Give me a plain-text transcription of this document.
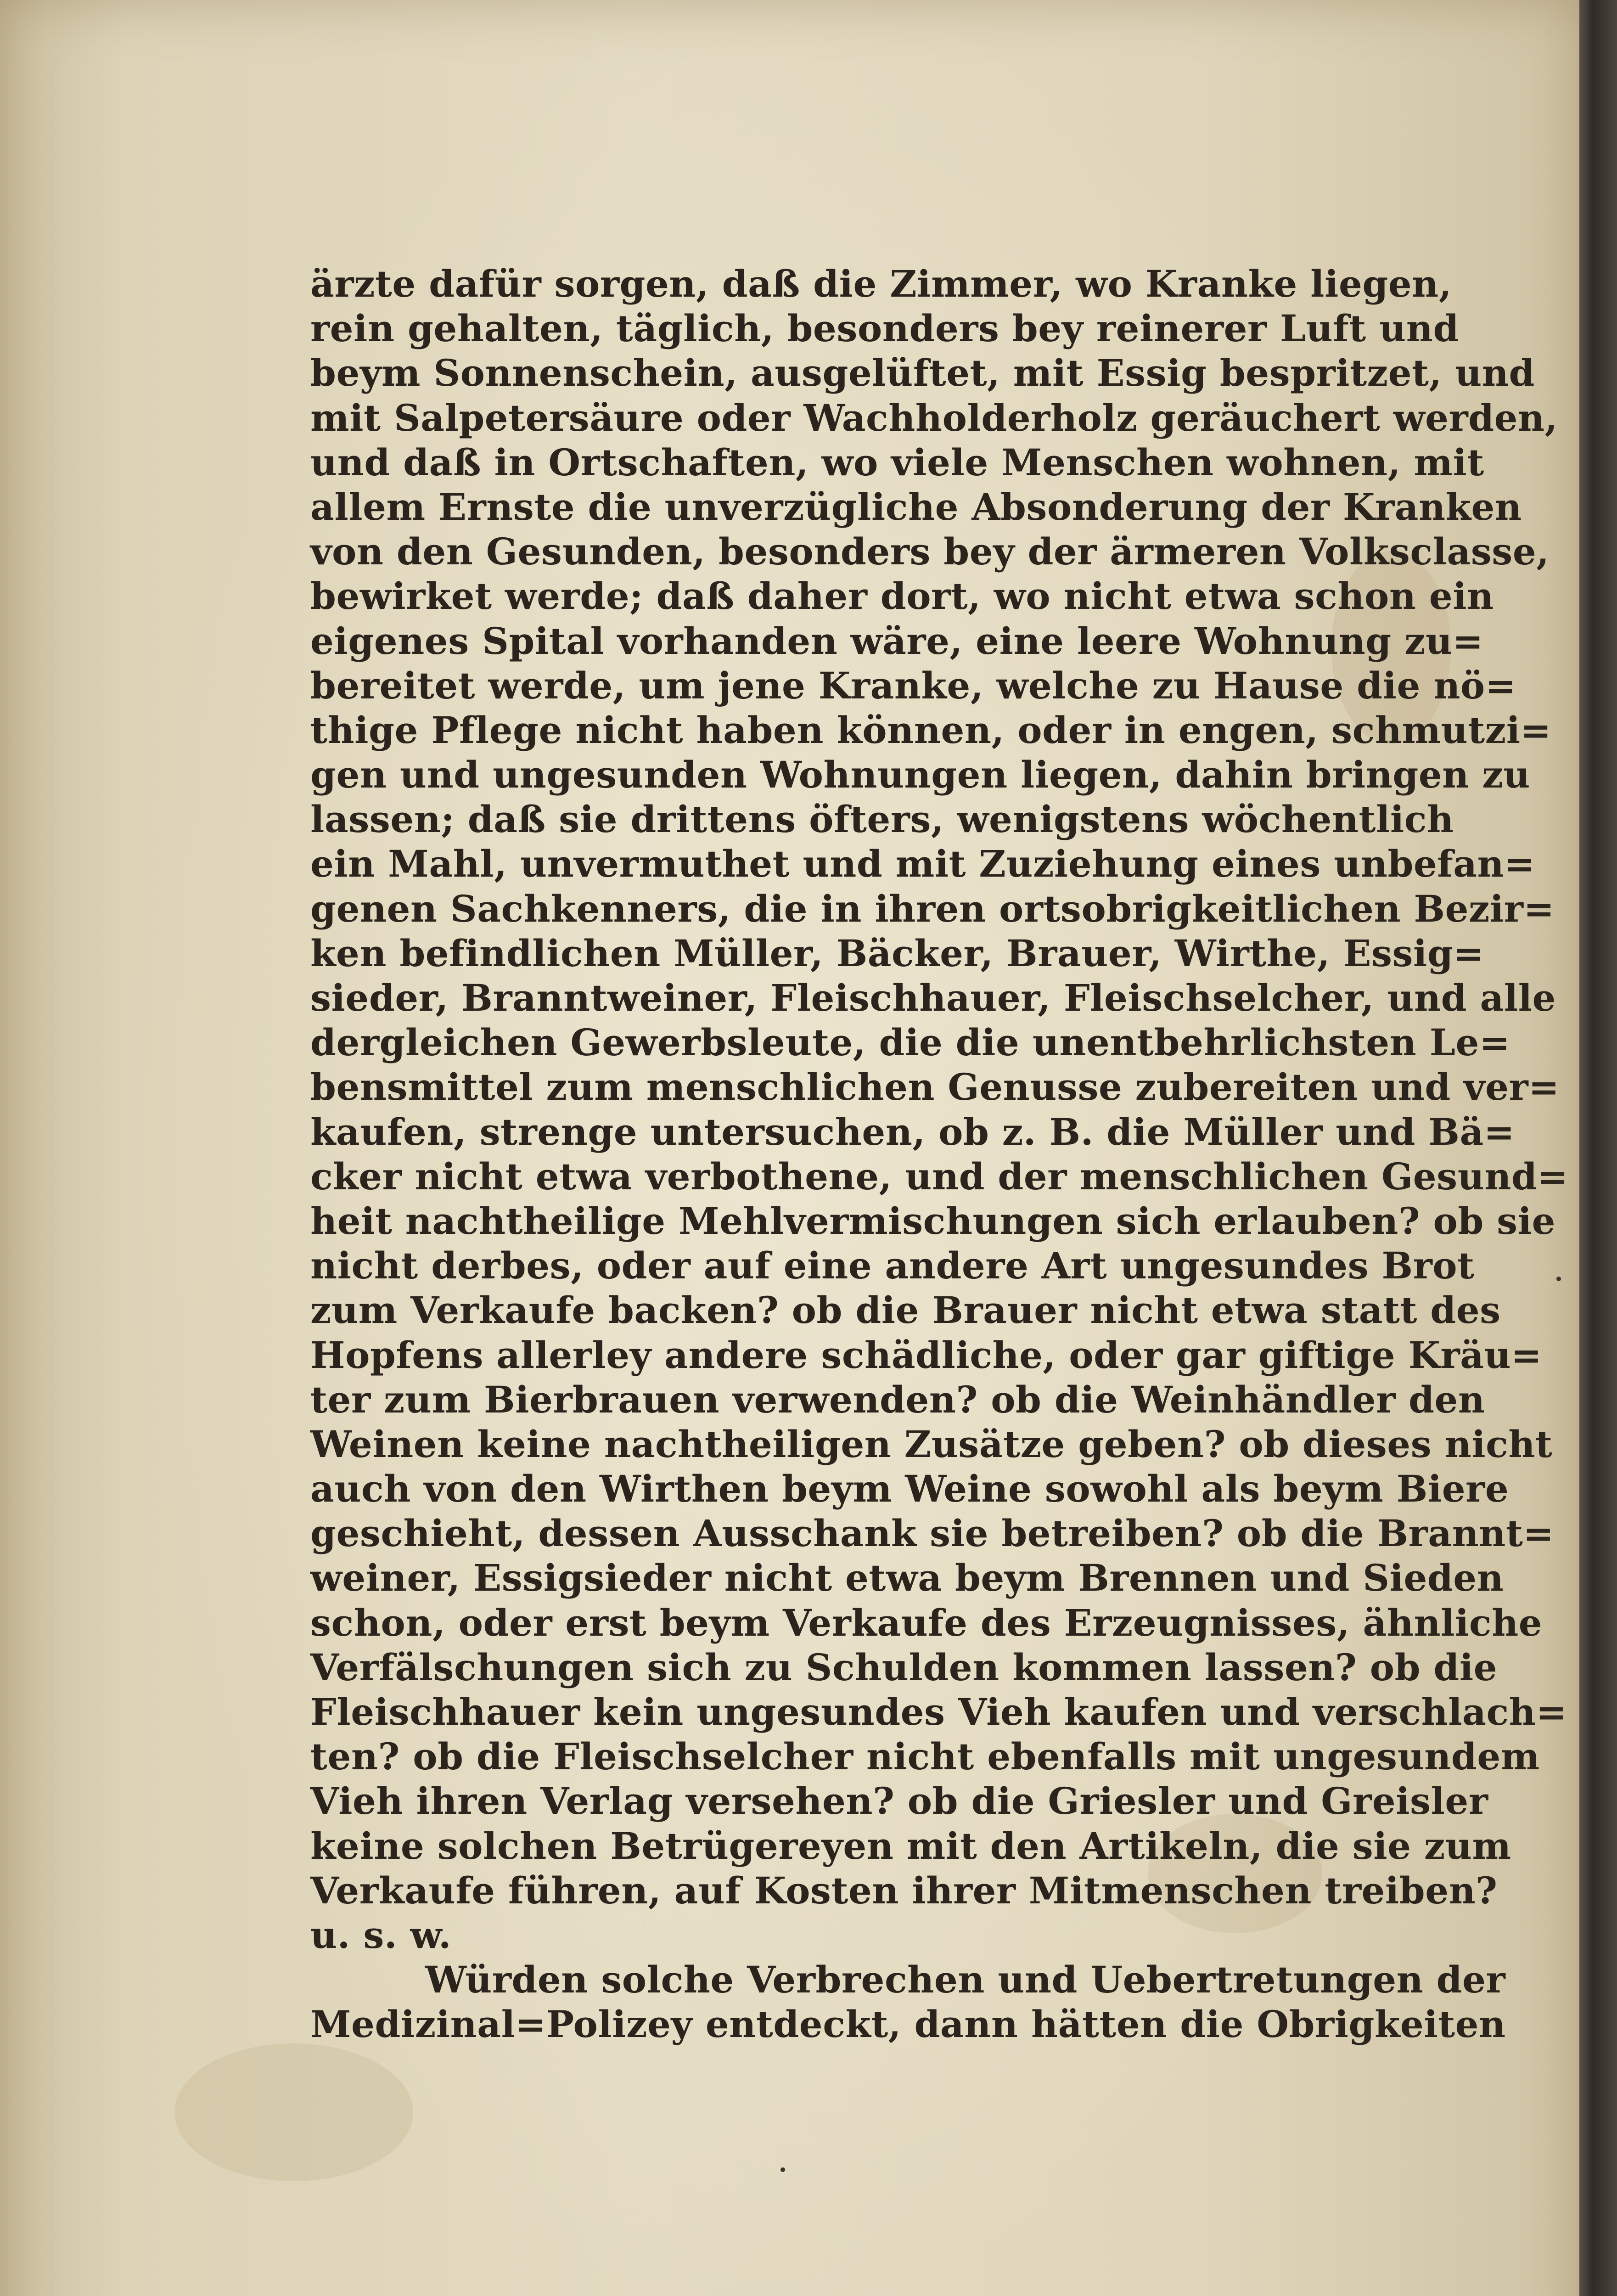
ärzte dafür sorgen, daß die Zimmer, wo Kranke liegen,
rein gehalten, täglich, besonders bey reinerer Luft und
beym Sonnenschein, ausgelüftet, mit Essig bespritzet, und
mit Salpetersäure oder Wachholderholz geräuchert werden,
und daß in Ortschaften, wo viele Menschen wohnen, mit
allem Ernste die unverzügliche Absonderung der Kranken
von den Gesunden, besonders bey der ärmeren Volksclasse,
bewirket werde; daß daher dort, wo nicht etwa schon ein
eigenes Spital vorhanden wäre, eine leere Wohnung zu=
bereitet werde, um jene Kranke, welche zu Hause die nö=
thige Pflege nicht haben können, oder in engen, schmutzi=
gen und ungesunden Wohnungen liegen, dahin bringen zu
lassen; daß sie drittens öfters, wenigstens wöchentlich
ein Mahl, unvermuthet und mit Zuziehung eines unbefan=
genen Sachkenners, die in ihren ortsobrigkeitlichen Bezir=
ken befindlichen Müller, Bäcker, Brauer, Wirthe, Essig=
sieder, Branntweiner, Fleischhauer, Fleischselcher, und alle
dergleichen Gewerbsleute, die die unentbehrlichsten Le=
bensmittel zum menschlichen Genusse zubereiten und ver=
kaufen, strenge untersuchen, ob z. B. die Müller und Bä=
cker nicht etwa verbothene, und der menschlichen Gesund=
heit nachtheilige Mehlvermischungen sich erlauben? ob sie
nicht derbes, oder auf eine andere Art ungesundes Brot
zum Verkaufe backen? ob die Brauer nicht etwa statt des
Hopfens allerley andere schädliche, oder gar giftige Kräu=
ter zum Bierbrauen verwenden? ob die Weinhändler den
Weinen keine nachtheiligen Zusätze geben? ob dieses nicht
auch von den Wirthen beym Weine sowohl als beym Biere
geschieht, dessen Ausschank sie betreiben? ob die Brannt=
weiner, Essigsieder nicht etwa beym Brennen und Sieden
schon, oder erst beym Verkaufe des Erzeugnisses, ähnliche
Verfälschungen sich zu Schulden kommen lassen? ob die
Fleischhauer kein ungesundes Vieh kaufen und verschlach=
ten? ob die Fleischselcher nicht ebenfalls mit ungesundem
Vieh ihren Verlag versehen? ob die Griesler und Greisler
keine solchen Betrügereyen mit den Artikeln, die sie zum
Verkaufe führen, auf Kosten ihrer Mitmenschen treiben?
u. s. w.
Würden solche Verbrechen und Uebertretungen der
Medizinal=Polizey entdeckt, dann hätten die Obrigkeiten
